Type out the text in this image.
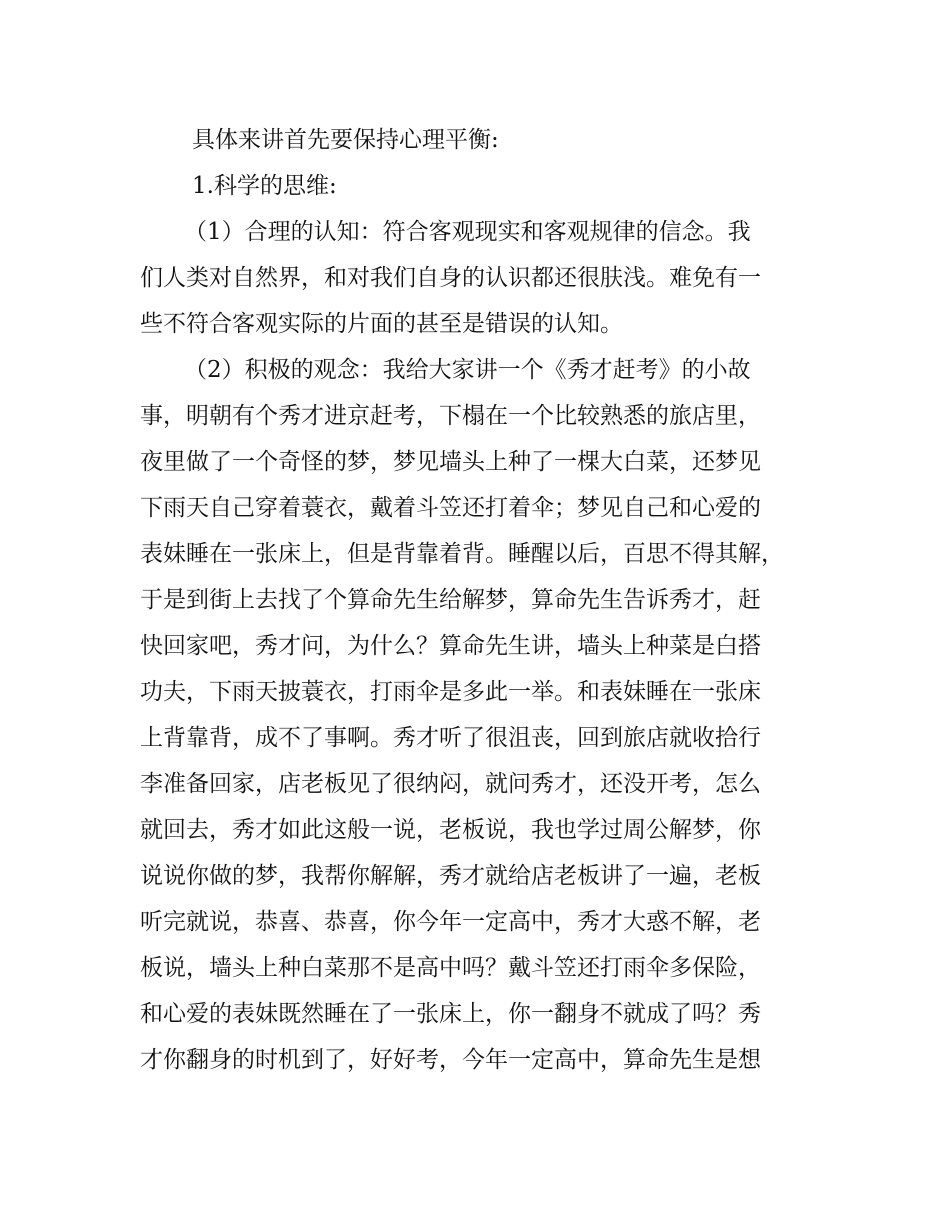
具体来讲首先要保持心理平衡:
1.科学的思维:
（1）合理的认知：符合客观现实和客观规律的信念。我
们人类对自然界，和对我们自身的认识都还很肤浅。难免有一
些不符合客观实际的片面的甚至是错误的认知。
（2）积极的观念：我给大家讲一个《秀才赶考》的小故
事，明朝有个秀才进京赶考，下榻在一个比较熟悉的旅店里，
夜里做了一个奇怪的梦，梦见墙头上种了一棵大白菜，还梦见
下雨天自己穿着蓑衣，戴着斗笠还打着伞；梦见自己和心爱的
表妹睡在一张床上，但是背靠着背。睡醒以后，百思不得其解，
于是到街上去找了个算命先生给解梦，算命先生告诉秀才，赶
快回家吧，秀才问，为什么？算命先生讲，墙头上种菜是白搭
功夫，下雨天披蓑衣，打雨伞是多此一举。和表妹睡在一张床
上背靠背，成不了事啊。秀才听了很沮丧，回到旅店就收拾行
李准备回家，店老板见了很纳闷，就问秀才，还没开考，怎么
就回去，秀才如此这般一说，老板说，我也学过周公解梦，你
说说你做的梦，我帮你解解，秀才就给店老板讲了一遍，老板
听完就说，恭喜、恭喜，你今年一定高中，秀才大惑不解，老
板说，墙头上种白菜那不是高中吗？戴斗笠还打雨伞多保险，
和心爱的表妹既然睡在了一张床上，你一翻身不就成了吗？秀
才你翻身的时机到了，好好考，今年一定高中，算命先生是想
